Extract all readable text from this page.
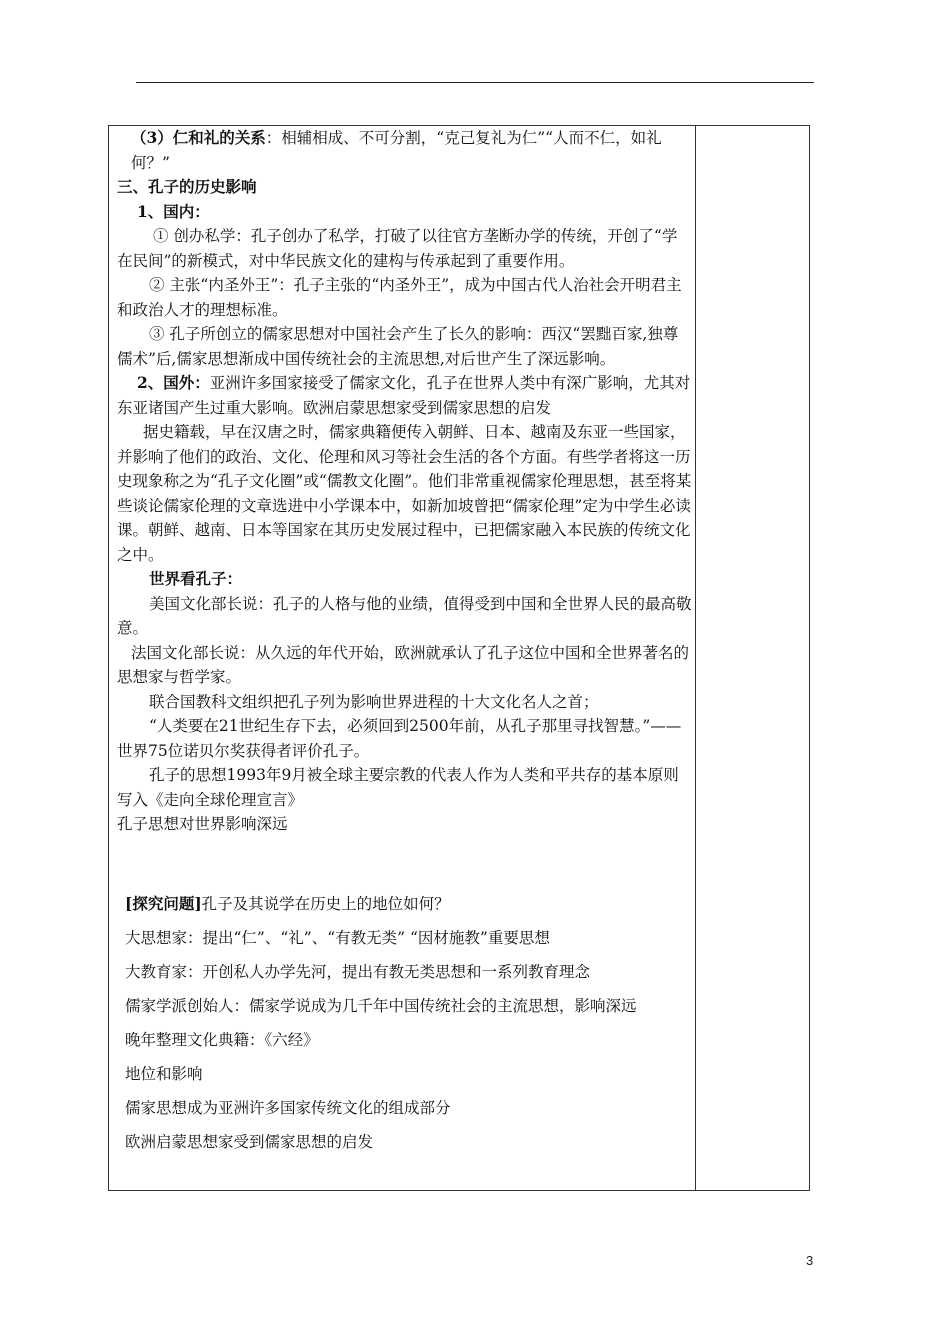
（3）仁和礼的关系：相辅相成、不可分割，“克己复礼为仁”“人而不仁，如礼何？”

三、孔子的历史影响

1、国内：

① 创办私学：孔子创办了私学，打破了以往官方垄断办学的传统，开创了“学在民间”的新模式，对中华民族文化的建构与传承起到了重要作用。

② 主张“内圣外王”：孔子主张的“内圣外王”，成为中国古代人治社会开明君主和政治人才的理想标准。

③ 孔子所创立的儒家思想对中国社会产生了长久的影响：西汉“罢黜百家,独尊儒术”后,儒家思想渐成中国传统社会的主流思想,对后世产生了深远影响。

2、国外：亚洲许多国家接受了儒家文化，孔子在世界人类中有深广影响，尤其对东亚诸国产生过重大影响。欧洲启蒙思想家受到儒家思想的启发

据史籍载，早在汉唐之时，儒家典籍便传入朝鲜、日本、越南及东亚一些国家，并影响了他们的政治、文化、伦理和风习等社会生活的各个方面。有些学者将这一历史现象称之为“孔子文化圈”或“儒教文化圈”。他们非常重视儒家伦理思想，甚至将某些谈论儒家伦理的文章选进中小学课本中，如新加坡曾把“儒家伦理”定为中学生必读课。朝鲜、越南、日本等国家在其历史发展过程中，已把儒家融入本民族的传统文化之中。

世界看孔子：

美国文化部长说：孔子的人格与他的业绩，值得受到中国和全世界人民的最高敬意。

法国文化部长说：从久远的年代开始，欧洲就承认了孔子这位中国和全世界著名的思想家与哲学家。

联合国教科文组织把孔子列为影响世界进程的十大文化名人之首；

“人类要在21世纪生存下去，必须回到2500年前，从孔子那里寻找智慧。”——世界75位诺贝尔奖获得者评价孔子。

孔子的思想1993年9月被全球主要宗教的代表人作为人类和平共存的基本原则写入《走向全球伦理宣言》

孔子思想对世界影响深远

[探究问题]孔子及其说学在历史上的地位如何？

大思想家：提出“仁”、“礼”、“有教无类” “因材施教”重要思想

大教育家：开创私人办学先河，提出有教无类思想和一系列教育理念

儒家学派创始人：儒家学说成为几千年中国传统社会的主流思想，影响深远

晚年整理文化典籍：《六经》

地位和影响

儒家思想成为亚洲许多国家传统文化的组成部分

欧洲启蒙思想家受到儒家思想的启发

3
